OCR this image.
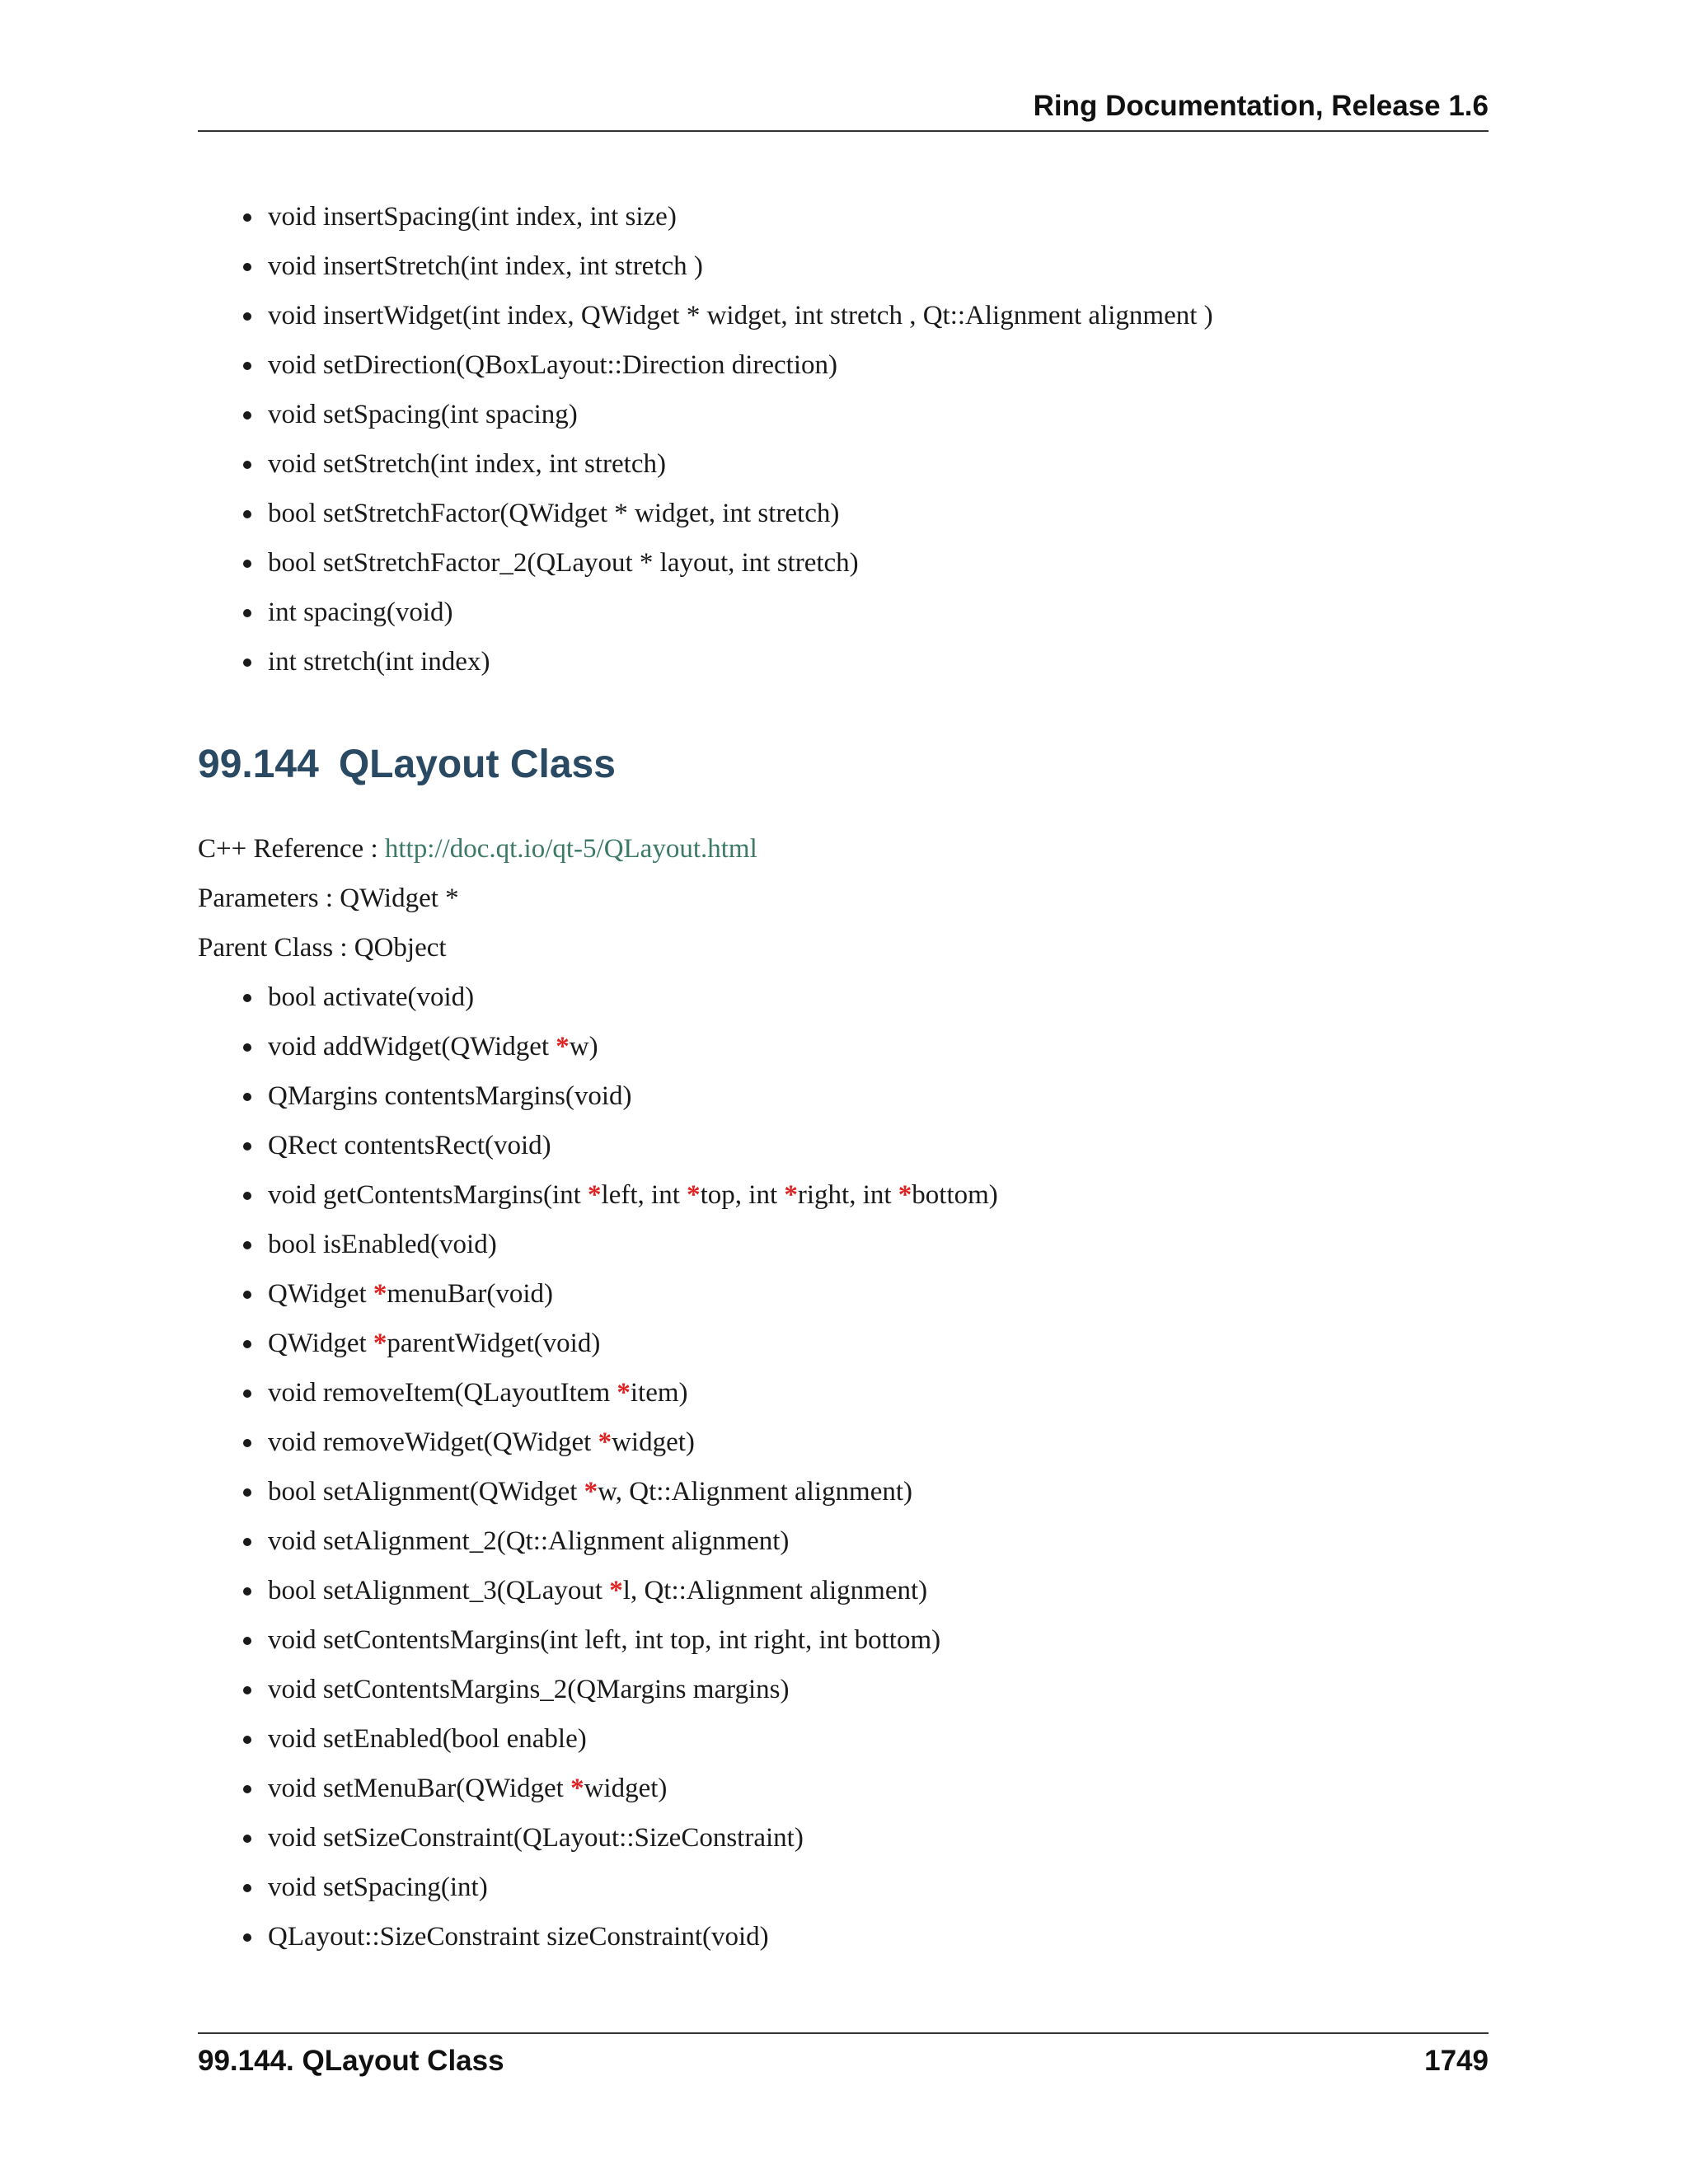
Ring Documentation, Release 1.6
void insertSpacing(int index, int size)
void insertStretch(int index, int stretch )
void insertWidget(int index, QWidget * widget, int stretch , Qt::Alignment alignment )
void setDirection(QBoxLayout::Direction direction)
void setSpacing(int spacing)
void setStretch(int index, int stretch)
bool setStretchFactor(QWidget * widget, int stretch)
bool setStretchFactor_2(QLayout * layout, int stretch)
int spacing(void)
int stretch(int index)
99.144 QLayout Class
C++ Reference : http://doc.qt.io/qt-5/QLayout.html
Parameters : QWidget *
Parent Class : QObject
bool activate(void)
void addWidget(QWidget *w)
QMargins contentsMargins(void)
QRect contentsRect(void)
void getContentsMargins(int *left, int *top, int *right, int *bottom)
bool isEnabled(void)
QWidget *menuBar(void)
QWidget *parentWidget(void)
void removeItem(QLayoutItem *item)
void removeWidget(QWidget *widget)
bool setAlignment(QWidget *w, Qt::Alignment alignment)
void setAlignment_2(Qt::Alignment alignment)
bool setAlignment_3(QLayout *l, Qt::Alignment alignment)
void setContentsMargins(int left, int top, int right, int bottom)
void setContentsMargins_2(QMargins margins)
void setEnabled(bool enable)
void setMenuBar(QWidget *widget)
void setSizeConstraint(QLayout::SizeConstraint)
void setSpacing(int)
QLayout::SizeConstraint sizeConstraint(void)
99.144. QLayout Class	1749
